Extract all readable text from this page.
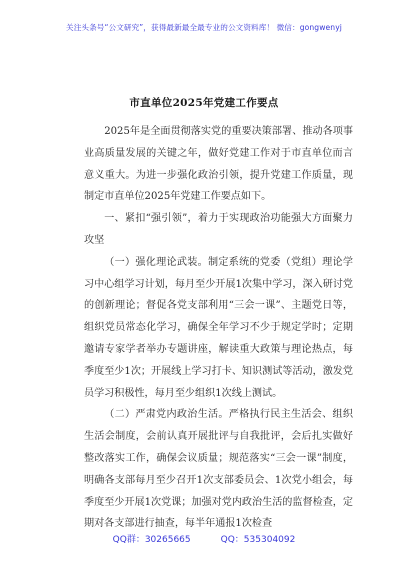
关注头条号“公文研究”，获得最新最全最专业的公文资料库！ 微信：gongwenyj
市直单位2025年党建工作要点

2025年是全面贯彻落实党的重要决策部署、推动各项事业高质量发展的关键之年，做好党建工作对于市直单位而言意义重大。为进一步强化政治引领，提升党建工作质量，现制定市直单位2025年党建工作要点如下。

一、紧扣“强引领”，着力于实现政治功能强大方面聚力攻坚

（一）强化理论武装。制定系统的党委（党组）理论学习中心组学习计划，每月至少开展1次集中学习，深入研讨党的创新理论；督促各党支部利用“三会一课”、主题党日等，组织党员常态化学习，确保全年学习不少于规定学时；定期邀请专家学者举办专题讲座，解读重大政策与理论热点，每季度至少1次；开展线上学习打卡、知识测试等活动，激发党员学习积极性，每月至少组织1次线上测试。

（二）严肃党内政治生活。严格执行民主生活会、组织生活会制度，会前认真开展批评与自我批评，会后扎实做好整改落实工作，确保会议质量；规范落实“三会一课”制度，明确各支部每月至少召开1次支部委员会、1次党小组会，每季度至少开展1次党课；加强对党内政治生活的监督检查，定期对各支部进行抽查，每半年通报1次检查

QQ群：30265665	QQ：535304092
